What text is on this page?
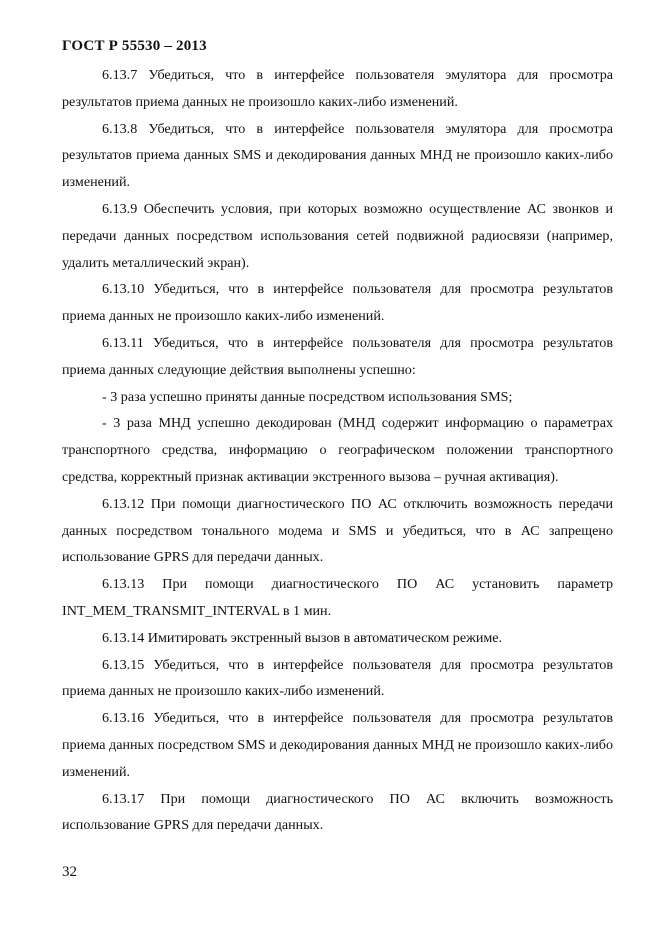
ГОСТ Р 55530 – 2013

6.13.7 Убедиться, что в интерфейсе пользователя эмулятора для просмотра результатов приема данных не произошло каких-либо изменений.

6.13.8 Убедиться, что в интерфейсе пользователя эмулятора для просмотра результатов приема данных SMS и декодирования данных МНД не произошло каких-либо изменений.

6.13.9 Обеспечить условия, при которых возможно осуществление АС звонков и передачи данных посредством использования сетей подвижной радиосвязи (например, удалить металлический экран).

6.13.10 Убедиться, что в интерфейсе пользователя для просмотра результатов приема данных не произошло каких-либо изменений.

6.13.11 Убедиться, что в интерфейсе пользователя для просмотра результатов приема данных следующие действия выполнены успешно:

- 3 раза успешно приняты данные посредством использования SMS;

- 3 раза МНД успешно декодирован (МНД содержит информацию о параметрах транспортного средства, информацию о географическом положении транспортного средства, корректный признак активации экстренного вызова – ручная активация).

6.13.12 При помощи диагностического ПО АС отключить возможность передачи данных посредством тонального модема и SMS и убедиться, что в АС запрещено использование GPRS для передачи данных.

6.13.13 При помощи диагностического ПО АС установить параметр INT_MEM_TRANSMIT_INTERVAL в 1 мин.

6.13.14 Имитировать экстренный вызов в автоматическом режиме.

6.13.15 Убедиться, что в интерфейсе пользователя для просмотра результатов приема данных не произошло каких-либо изменений.

6.13.16 Убедиться, что в интерфейсе пользователя для просмотра результатов приема данных посредством SMS и декодирования данных МНД не произошло каких-либо изменений.

6.13.17 При помощи диагностического ПО АС включить возможность использование GPRS для передачи данных.

32
